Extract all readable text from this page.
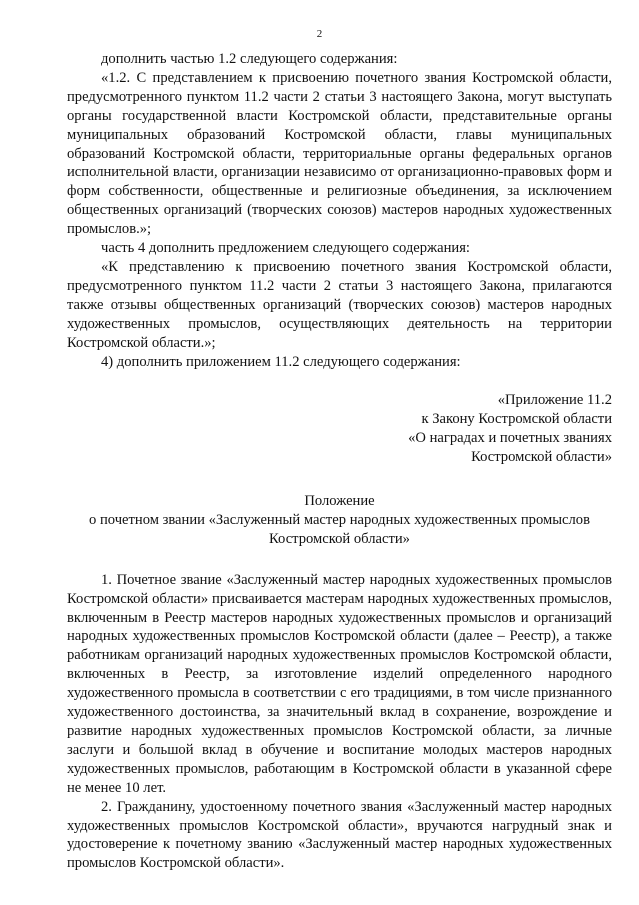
2

дополнить частью 1.2 следующего содержания:

«1.2. С представлением к присвоению почетного звания Костромской области, предусмотренного пунктом 11.2 части 2 статьи 3 настоящего Закона, могут выступать органы государственной власти Костромской области, представительные органы муниципальных образований Костромской области, главы муниципальных образований Костромской области, территориальные органы федеральных органов исполнительной власти, организации независимо от организационно-правовых форм и форм собственности, общественные и религиозные объединения, за исключением общественных организаций (творческих союзов) мастеров народных художественных промыслов.»;

часть 4 дополнить предложением следующего содержания:

«К представлению к присвоению почетного звания Костромской области, предусмотренного пунктом 11.2 части 2 статьи 3 настоящего Закона, прилагаются также отзывы общественных организаций (творческих союзов) мастеров народных художественных промыслов, осуществляющих деятельность на территории Костромской области.»;

4) дополнить приложением 11.2 следующего содержания:

«Приложение 11.2
к Закону Костромской области
«О наградах и почетных званиях
Костромской области»
Положение
о почетном звании «Заслуженный мастер народных художественных промыслов
Костромской области»

1. Почетное звание «Заслуженный мастер народных художественных промыслов Костромской области» присваивается мастерам народных художественных промыслов, включенным в Реестр мастеров народных художественных промыслов и организаций народных художественных промыслов Костромской области (далее – Реестр), а также работникам организаций народных художественных промыслов Костромской области, включенных в Реестр, за изготовление изделий определенного народного художественного промысла в соответствии с его традициями, в том числе признанного художественного достоинства, за значительный вклад в сохранение, возрождение и развитие народных художественных промыслов Костромской области, за личные заслуги и большой вклад в обучение и воспитание молодых мастеров народных художественных промыслов, работающим в Костромской области в указанной сфере не менее 10 лет.

2. Гражданину, удостоенному почетного звания «Заслуженный мастер народных художественных промыслов Костромской области», вручаются нагрудный знак и удостоверение к почетному званию «Заслуженный мастер народных художественных промыслов Костромской области».
